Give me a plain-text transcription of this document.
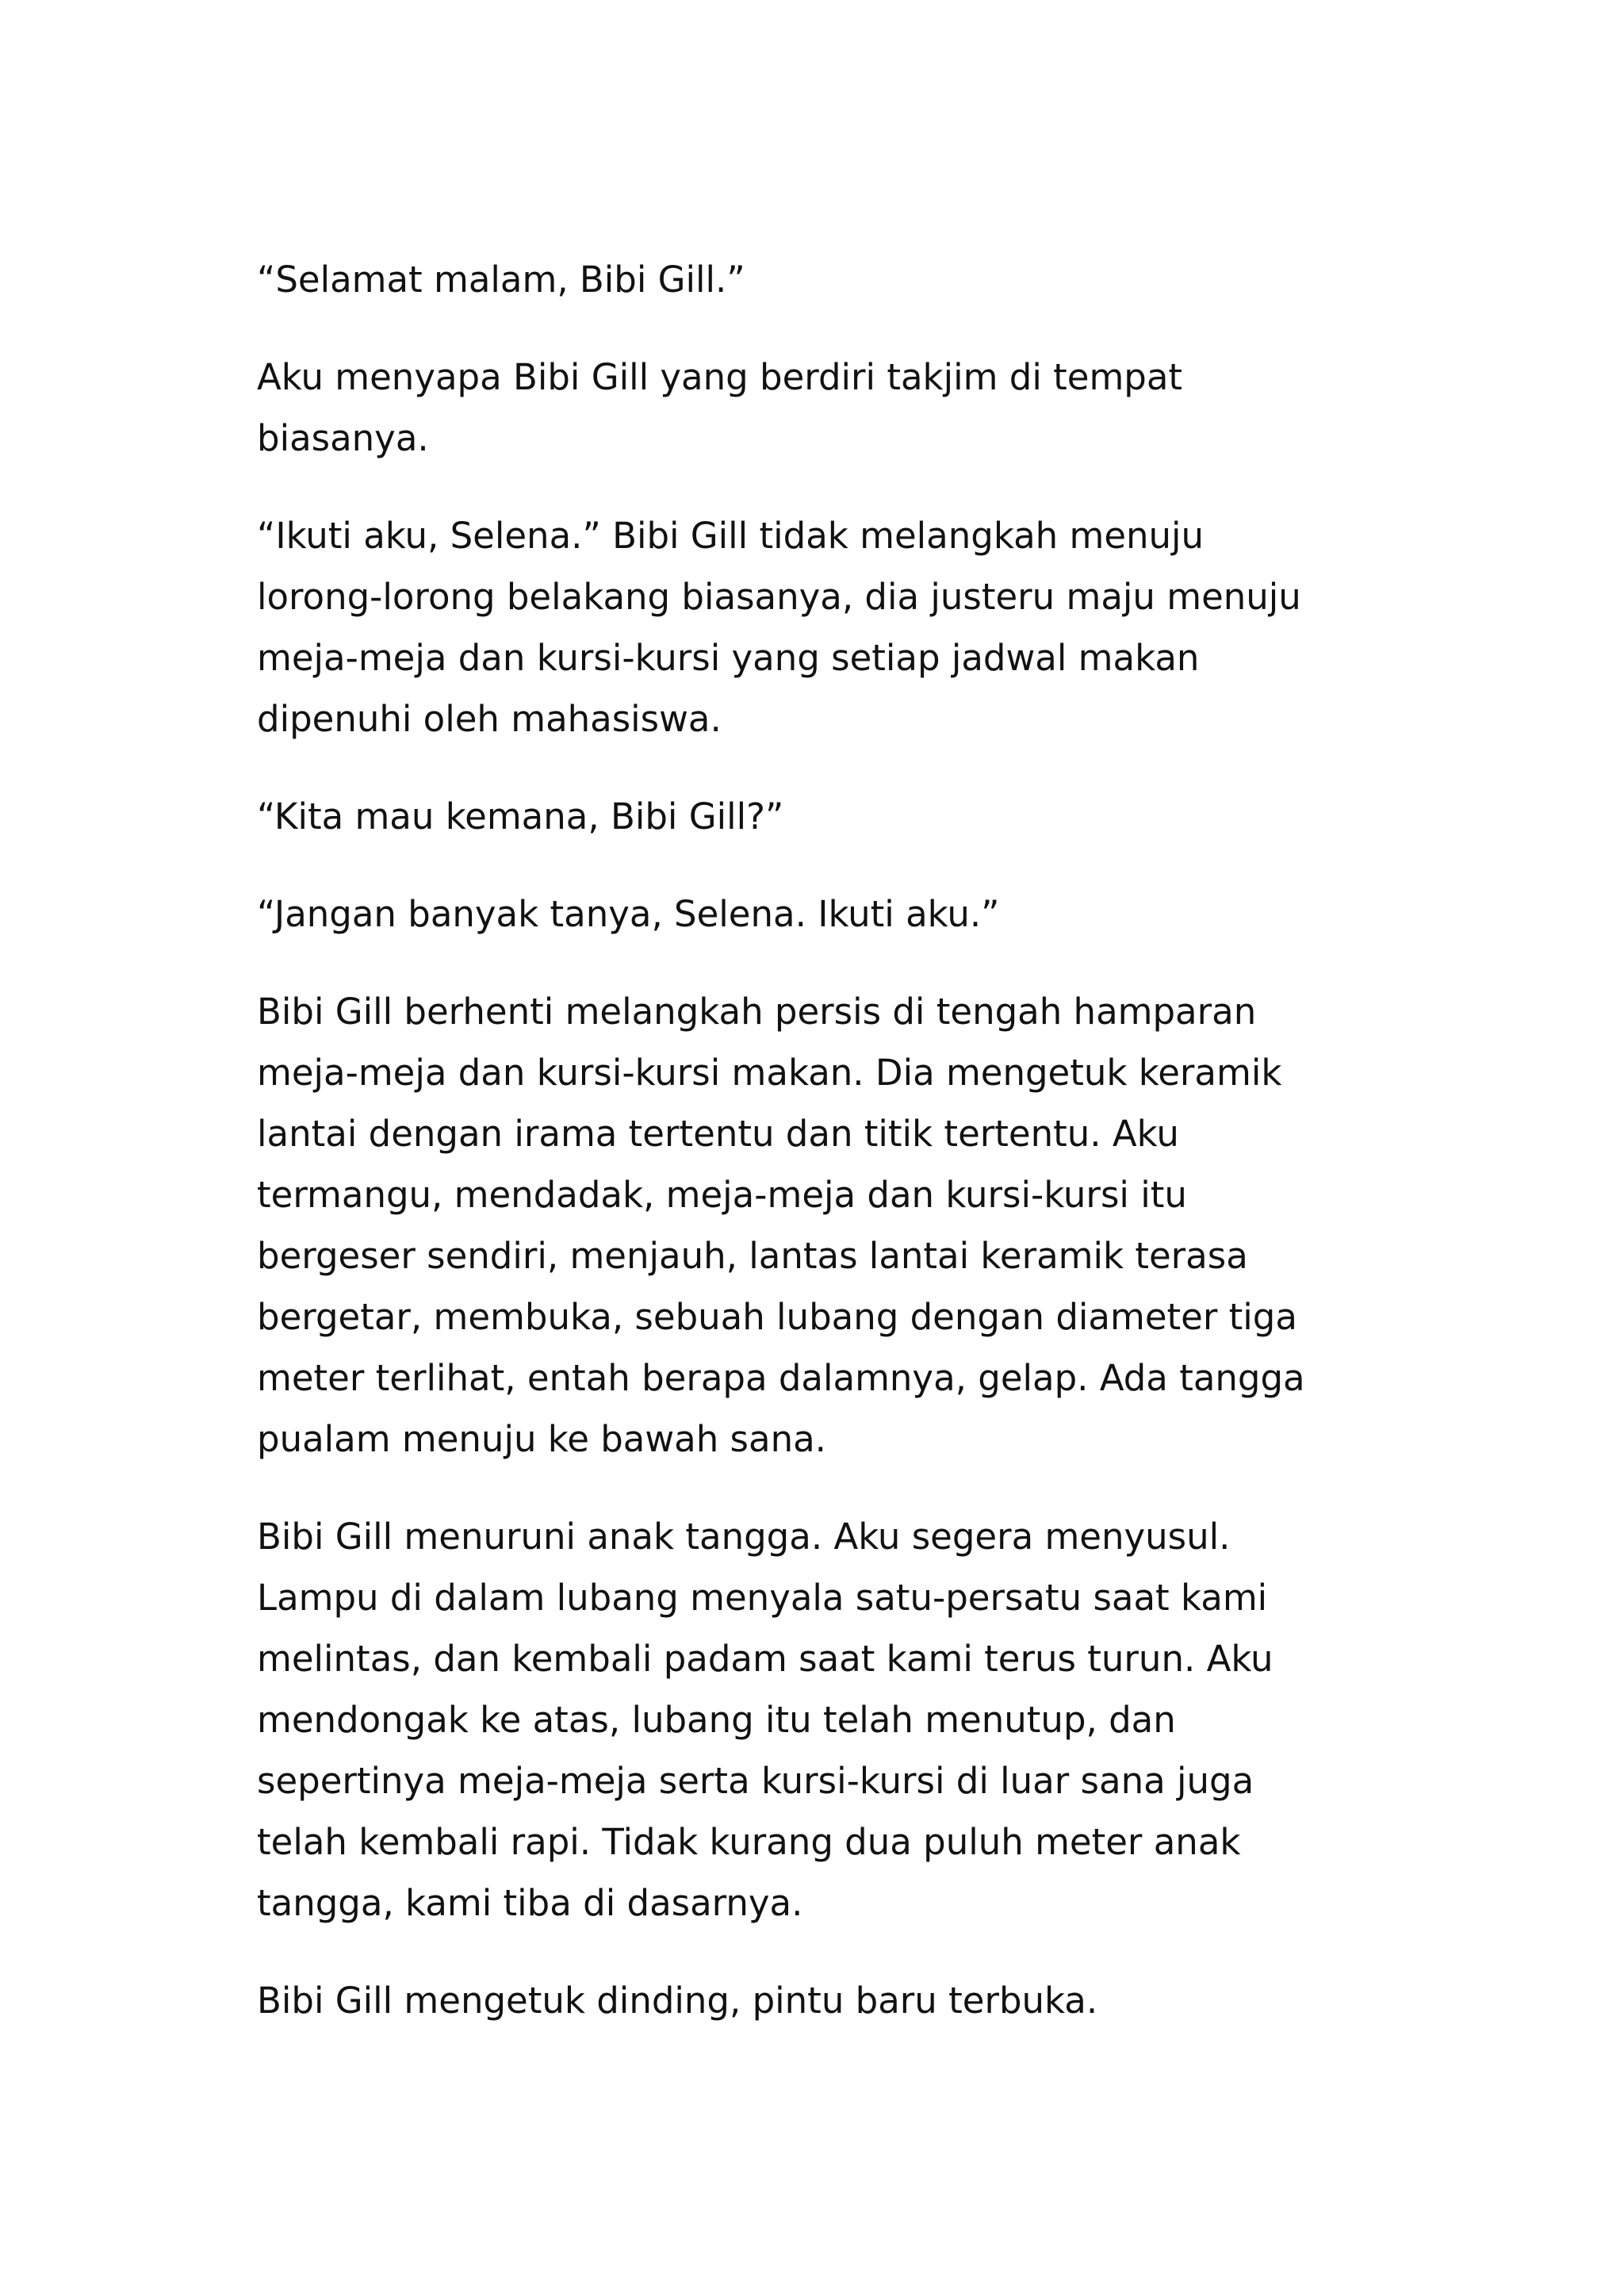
“Selamat malam, Bibi Gill.”

Aku menyapa Bibi Gill yang berdiri takjim di tempat
biasanya.

“Ikuti aku, Selena.” Bibi Gill tidak melangkah menuju
lorong-lorong belakang biasanya, dia justeru maju menuju
meja-meja dan kursi-kursi yang setiap jadwal makan
dipenuhi oleh mahasiswa.

“Kita mau kemana, Bibi Gill?”

“Jangan banyak tanya, Selena. Ikuti aku.”

Bibi Gill berhenti melangkah persis di tengah hamparan
meja-meja dan kursi-kursi makan. Dia mengetuk keramik
lantai dengan irama tertentu dan titik tertentu. Aku
termangu, mendadak, meja-meja dan kursi-kursi itu
bergeser sendiri, menjauh, lantas lantai keramik terasa
bergetar, membuka, sebuah lubang dengan diameter tiga
meter terlihat, entah berapa dalamnya, gelap. Ada tangga
pualam menuju ke bawah sana.

Bibi Gill menuruni anak tangga. Aku segera menyusul.
Lampu di dalam lubang menyala satu-persatu saat kami
melintas, dan kembali padam saat kami terus turun. Aku
mendongak ke atas, lubang itu telah menutup, dan
sepertinya meja-meja serta kursi-kursi di luar sana juga
telah kembali rapi. Tidak kurang dua puluh meter anak
tangga, kami tiba di dasarnya.

Bibi Gill mengetuk dinding, pintu baru terbuka.
